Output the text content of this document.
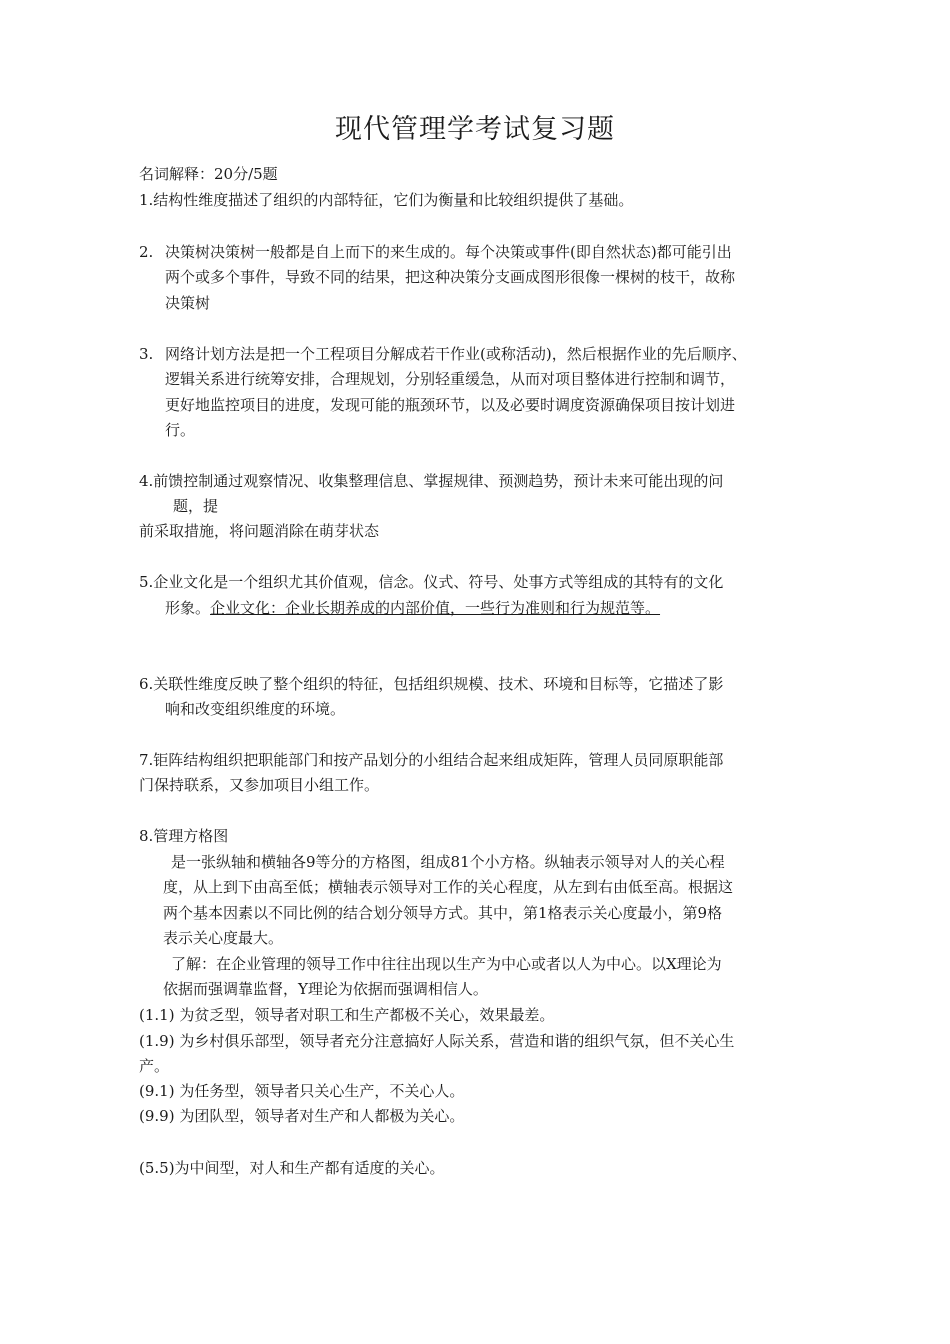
现代管理学考试复习题
名词解释：20分/5题
1.结构性维度描述了组织的内部特征，它们为衡量和比较组织提供了基础。
2. 决策树决策树一般都是自上而下的来生成的。每个决策或事件(即自然状态)都可能引出
两个或多个事件，导致不同的结果，把这种决策分支画成图形很像一棵树的枝干，故称
决策树
3. 网络计划方法是把一个工程项目分解成若干作业(或称活动)，然后根据作业的先后顺序、
逻辑关系进行统筹安排，合理规划，分别轻重缓急，从而对项目整体进行控制和调节，
更好地监控项目的进度，发现可能的瓶颈环节，以及必要时调度资源确保项目按计划进
行。
4.前馈控制通过观察情况、收集整理信息、掌握规律、预测趋势，预计未来可能出现的问
题，提
前采取措施，将问题消除在萌芽状态
5.企业文化是一个组织尤其价值观，信念。仪式、符号、处事方式等组成的其特有的文化
形象。企业文化：企业长期养成的内部价值，一些行为准则和行为规范等。
6.关联性维度反映了整个组织的特征，包括组织规模、技术、环境和目标等，它描述了影
响和改变组织维度的环境。
7.钜阵结构组织把职能部门和按产品划分的小组结合起来组成矩阵，管理人员同原职能部
门保持联系，又参加项目小组工作。
8.管理方格图
是一张纵轴和横轴各9等分的方格图，组成81个小方格。纵轴表示领导对人的关心程
度，从上到下由高至低；横轴表示领导对工作的关心程度，从左到右由低至高。根据这
两个基本因素以不同比例的结合划分领导方式。其中，第1格表示关心度最小，第9格
表示关心度最大。
了解：在企业管理的领导工作中往往出现以生产为中心或者以人为中心。以X理论为
依据而强调靠监督，Y理论为依据而强调相信人。
(1.1) 为贫乏型，领导者对职工和生产都极不关心，效果最差。
(1.9) 为乡村俱乐部型，领导者充分注意搞好人际关系，营造和谐的组织气氛，但不关心生
产。
(9.1) 为任务型，领导者只关心生产，不关心人。
(9.9) 为团队型，领导者对生产和人都极为关心。
(5.5)为中间型，对人和生产都有适度的关心。
